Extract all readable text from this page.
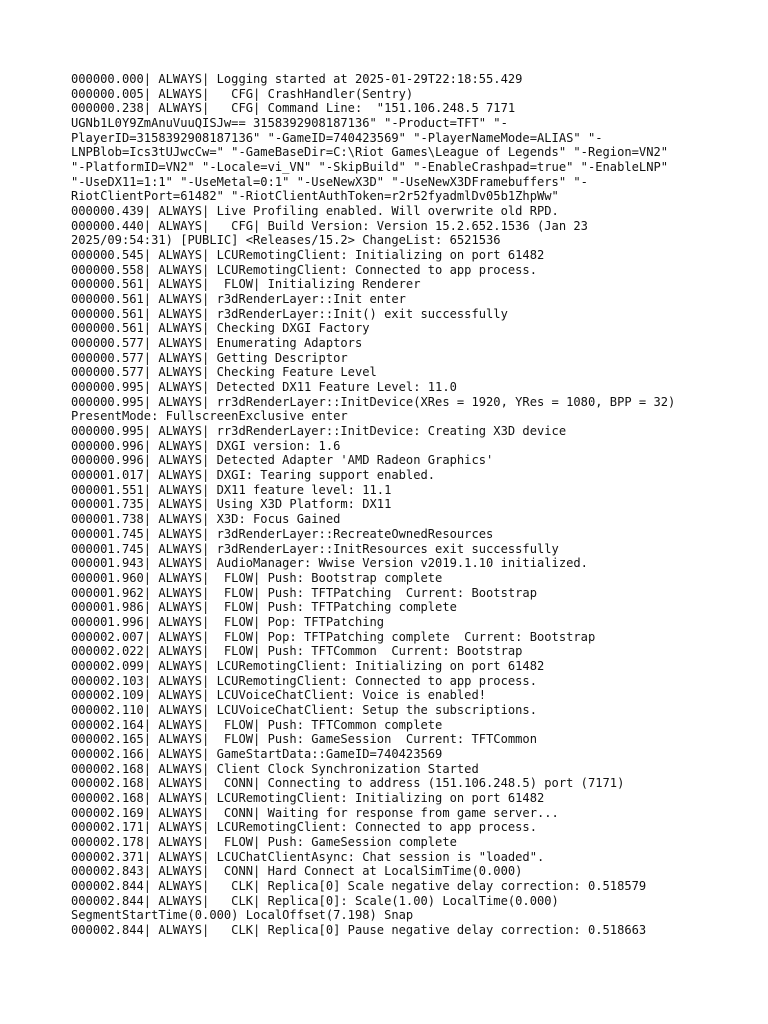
000000.000| ALWAYS| Logging started at 2025-01-29T22:18:55.429
000000.005| ALWAYS|   CFG| CrashHandler(Sentry)
000000.238| ALWAYS|   CFG| Command Line:  "151.106.248.5 7171
UGNb1L0Y9ZmAnuVuuQISJw== 3158392908187136" "-Product=TFT" "-
PlayerID=3158392908187136" "-GameID=740423569" "-PlayerNameMode=ALIAS" "-
LNPBlob=Ics3tUJwcCw=" "-GameBaseDir=C:\Riot Games\League of Legends" "-Region=VN2"
"-PlatformID=VN2" "-Locale=vi_VN" "-SkipBuild" "-EnableCrashpad=true" "-EnableLNP"
"-UseDX11=1:1" "-UseMetal=0:1" "-UseNewX3D" "-UseNewX3DFramebuffers" "-
RiotClientPort=61482" "-RiotClientAuthToken=r2r52fyadmlDv05b1ZhpWw"
000000.439| ALWAYS| Live Profiling enabled. Will overwrite old RPD.
000000.440| ALWAYS|   CFG| Build Version: Version 15.2.652.1536 (Jan 23
2025/09:54:31) [PUBLIC] <Releases/15.2> ChangeList: 6521536
000000.545| ALWAYS| LCURemotingClient: Initializing on port 61482
000000.558| ALWAYS| LCURemotingClient: Connected to app process.
000000.561| ALWAYS|  FLOW| Initializing Renderer
000000.561| ALWAYS| r3dRenderLayer::Init enter
000000.561| ALWAYS| r3dRenderLayer::Init() exit successfully
000000.561| ALWAYS| Checking DXGI Factory
000000.577| ALWAYS| Enumerating Adaptors
000000.577| ALWAYS| Getting Descriptor
000000.577| ALWAYS| Checking Feature Level
000000.995| ALWAYS| Detected DX11 Feature Level: 11.0
000000.995| ALWAYS| rr3dRenderLayer::InitDevice(XRes = 1920, YRes = 1080, BPP = 32)
PresentMode: FullscreenExclusive enter
000000.995| ALWAYS| rr3dRenderLayer::InitDevice: Creating X3D device
000000.996| ALWAYS| DXGI version: 1.6
000000.996| ALWAYS| Detected Adapter 'AMD Radeon Graphics'
000001.017| ALWAYS| DXGI: Tearing support enabled.
000001.551| ALWAYS| DX11 feature level: 11.1
000001.735| ALWAYS| Using X3D Platform: DX11
000001.738| ALWAYS| X3D: Focus Gained
000001.745| ALWAYS| r3dRenderLayer::RecreateOwnedResources
000001.745| ALWAYS| r3dRenderLayer::InitResources exit successfully
000001.943| ALWAYS| AudioManager: Wwise Version v2019.1.10 initialized.
000001.960| ALWAYS|  FLOW| Push: Bootstrap complete
000001.962| ALWAYS|  FLOW| Push: TFTPatching  Current: Bootstrap
000001.986| ALWAYS|  FLOW| Push: TFTPatching complete
000001.996| ALWAYS|  FLOW| Pop: TFTPatching
000002.007| ALWAYS|  FLOW| Pop: TFTPatching complete  Current: Bootstrap
000002.022| ALWAYS|  FLOW| Push: TFTCommon  Current: Bootstrap
000002.099| ALWAYS| LCURemotingClient: Initializing on port 61482
000002.103| ALWAYS| LCURemotingClient: Connected to app process.
000002.109| ALWAYS| LCUVoiceChatClient: Voice is enabled!
000002.110| ALWAYS| LCUVoiceChatClient: Setup the subscriptions.
000002.164| ALWAYS|  FLOW| Push: TFTCommon complete
000002.165| ALWAYS|  FLOW| Push: GameSession  Current: TFTCommon
000002.166| ALWAYS| GameStartData::GameID=740423569
000002.168| ALWAYS| Client Clock Synchronization Started
000002.168| ALWAYS|  CONN| Connecting to address (151.106.248.5) port (7171)
000002.168| ALWAYS| LCURemotingClient: Initializing on port 61482
000002.169| ALWAYS|  CONN| Waiting for response from game server...
000002.171| ALWAYS| LCURemotingClient: Connected to app process.
000002.178| ALWAYS|  FLOW| Push: GameSession complete
000002.371| ALWAYS| LCUChatClientAsync: Chat session is "loaded".
000002.843| ALWAYS|  CONN| Hard Connect at LocalSimTime(0.000)
000002.844| ALWAYS|   CLK| Replica[0] Scale negative delay correction: 0.518579
000002.844| ALWAYS|   CLK| Replica[0]: Scale(1.00) LocalTime(0.000)
SegmentStartTime(0.000) LocalOffset(7.198) Snap
000002.844| ALWAYS|   CLK| Replica[0] Pause negative delay correction: 0.518663
